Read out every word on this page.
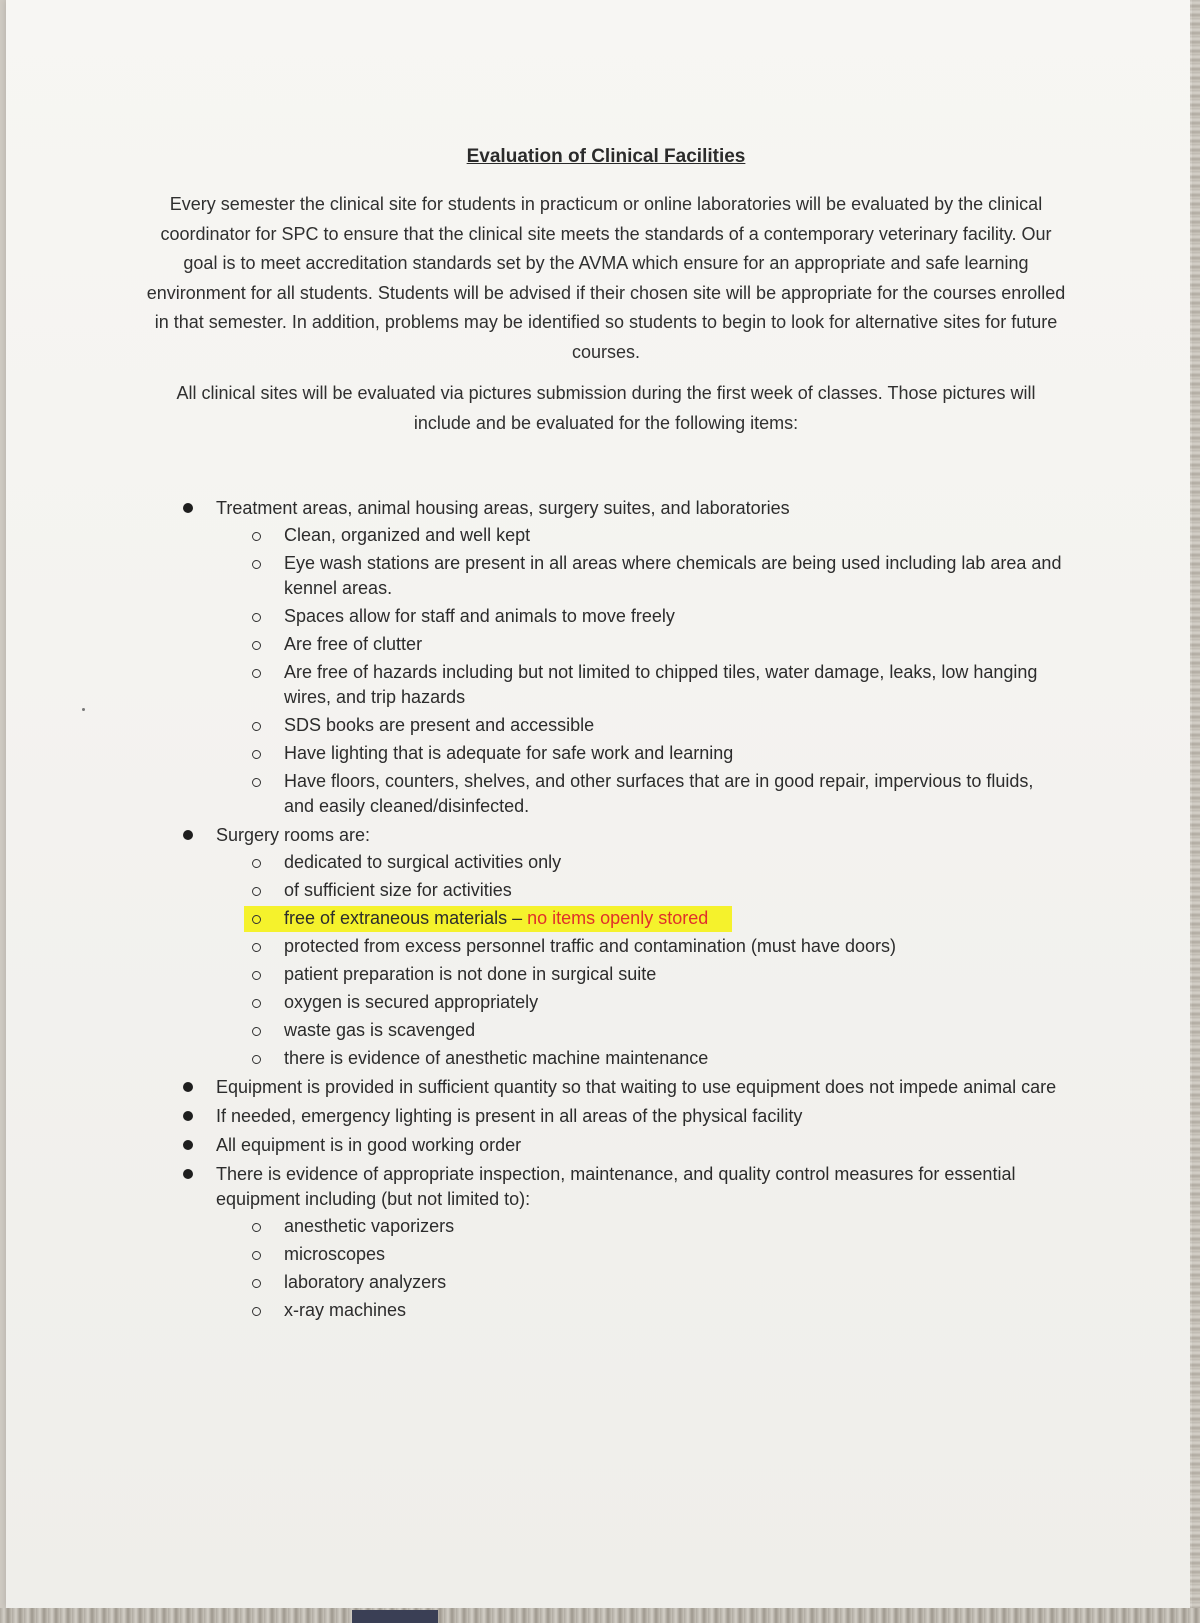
Evaluation of Clinical Facilities

Every semester the clinical site for students in practicum or online laboratories will be evaluated by the clinical coordinator for SPC to ensure that the clinical site meets the standards of a contemporary veterinary facility. Our goal is to meet accreditation standards set by the AVMA which ensure for an appropriate and safe learning environment for all students. Students will be advised if their chosen site will be appropriate for the courses enrolled in that semester. In addition, problems may be identified so students to begin to look for alternative sites for future courses.

All clinical sites will be evaluated via pictures submission during the first week of classes. Those pictures will include and be evaluated for the following items:

Treatment areas, animal housing areas, surgery suites, and laboratories
Clean, organized and well kept
Eye wash stations are present in all areas where chemicals are being used including lab area and kennel areas.
Spaces allow for staff and animals to move freely
Are free of clutter
Are free of hazards including but not limited to chipped tiles, water damage, leaks, low hanging wires, and trip hazards
SDS books are present and accessible
Have lighting that is adequate for safe work and learning
Have floors, counters, shelves, and other surfaces that are in good repair, impervious to fluids, and easily cleaned/disinfected.
Surgery rooms are:
dedicated to surgical activities only
of sufficient size for activities
free of extraneous materials – no items openly stored
protected from excess personnel traffic and contamination (must have doors)
patient preparation is not done in surgical suite
oxygen is secured appropriately
waste gas is scavenged
there is evidence of anesthetic machine maintenance
Equipment is provided in sufficient quantity so that waiting to use equipment does not impede animal care
If needed, emergency lighting is present in all areas of the physical facility
All equipment is in good working order
There is evidence of appropriate inspection, maintenance, and quality control measures for essential equipment including (but not limited to):
anesthetic vaporizers
microscopes
laboratory analyzers
x-ray machines
